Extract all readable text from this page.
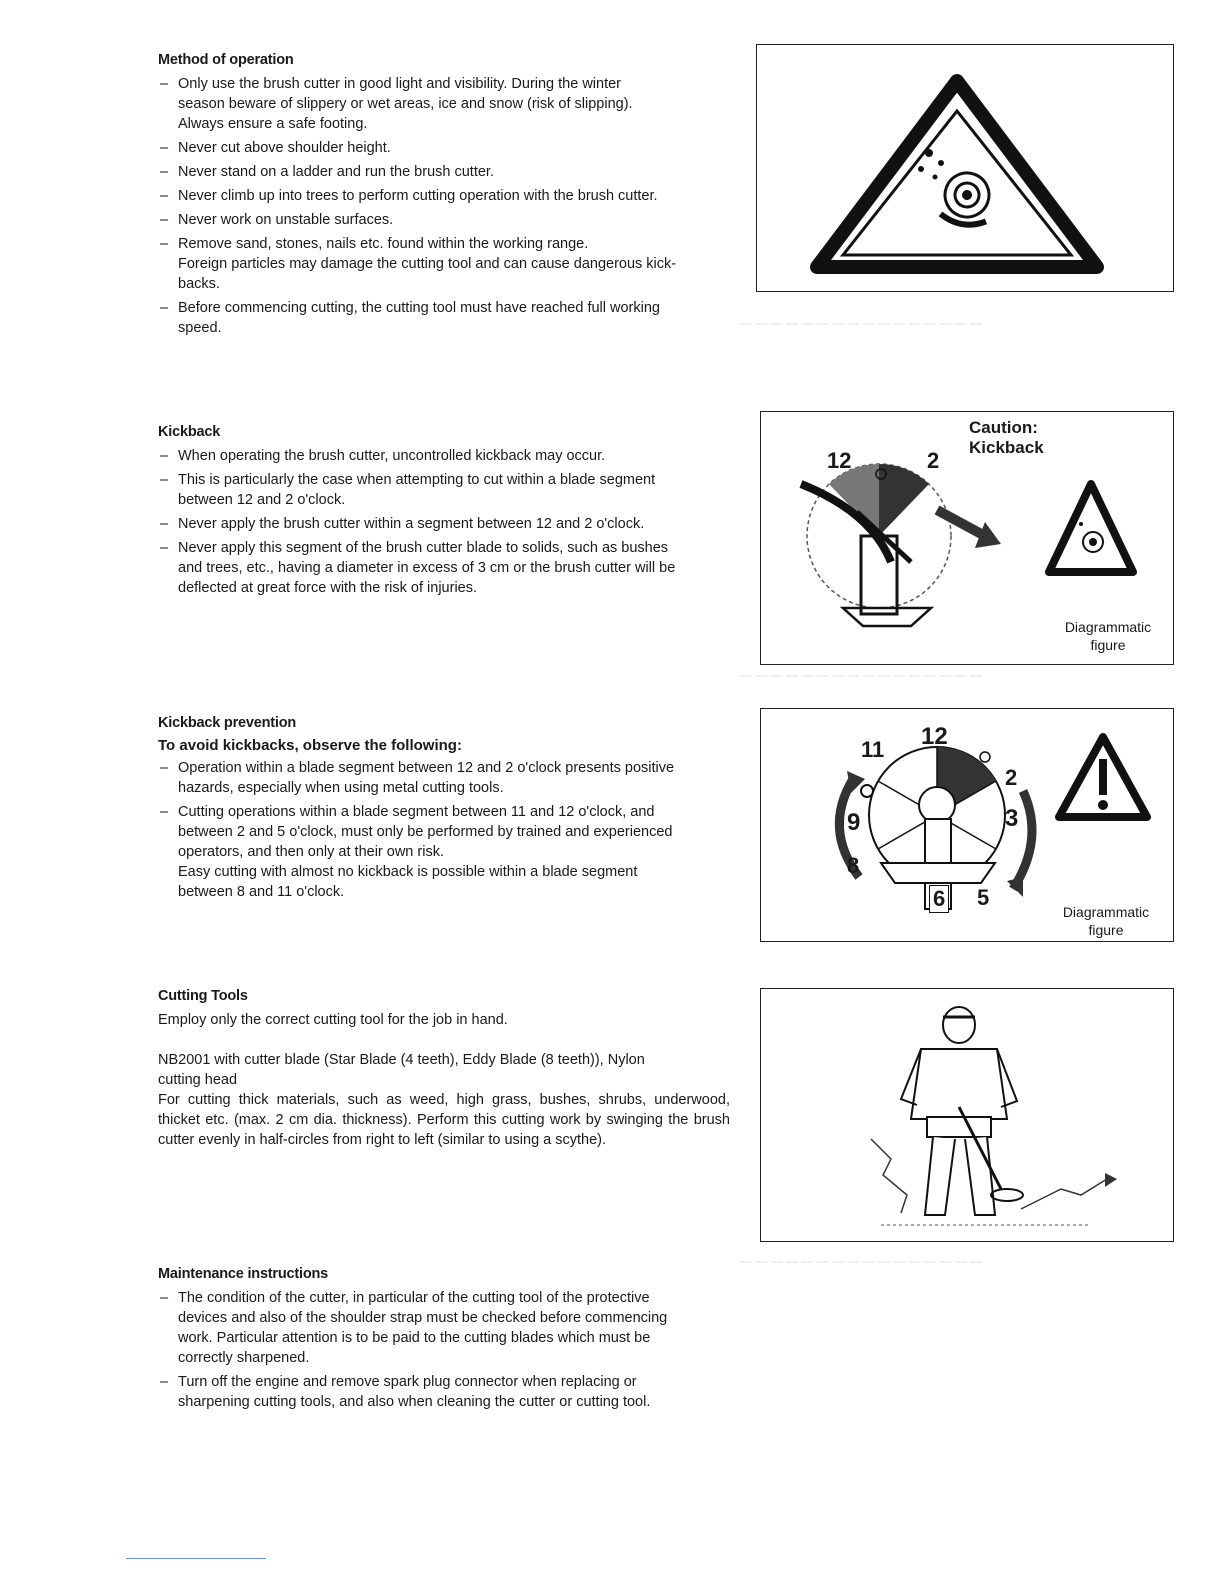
Method of operation
– Only use the brush cutter in good light and visibility. During the winter
season beware of slippery or wet areas, ice and snow (risk of slipping).
Always ensure a safe footing.
– Never cut above shoulder height.
– Never stand on a ladder and run the brush cutter.
– Never climb up into trees to perform cutting operation with the brush cutter.
– Never work on unstable surfaces.
– Remove sand, stones, nails etc. found within the working range.
Foreign particles may damage the cutting tool and can cause dangerous kick-
backs.
– Before commencing cutting, the cutting tool must have reached full working
speed.
Kickback
– When operating the brush cutter, uncontrolled kickback may occur.
– This is particularly the case when attempting to cut within a blade segment
between 12 and 2 o'clock.
– Never apply the brush cutter within a segment between 12 and 2 o'clock.
– Never apply this segment of the brush cutter blade to solids, such as bushes
and trees, etc., having a diameter in excess of 3 cm or the brush cutter will be
deflected at great force with the risk of injuries.
Kickback prevention
To avoid kickbacks, observe the following:
– Operation within a blade segment between 12 and 2 o'clock presents positive
hazards, especially when using metal cutting tools.
– Cutting operations within a blade segment between 11 and 12 o'clock, and
between 2 and 5 o'clock, must only be performed by trained and experienced
operators, and then only at their own risk.
Easy cutting with almost no kickback is possible within a blade segment
between 8 and 11 o'clock.
Cutting Tools

Employ only the correct cutting tool for the job in hand.

NB2001 with cutter blade (Star Blade (4 teeth), Eddy Blade (8 teeth)), Nylon

cutting head

For cutting thick materials, such as weed, high grass, bushes, shrubs, underwood, thicket etc. (max. 2 cm dia. thickness). Perform this cutting work by swinging the brush cutter evenly in half-circles from right to left (similar to using a scythe).

Maintenance instructions
– The condition of the cutter, in particular of the cutting tool of the protective
devices and also of the shoulder strap must be checked before commencing
work. Particular attention is to be paid to the cutting blades which must be
correctly sharpened.
– Turn off the engine and remove spark plug connector when replacing or
sharpening cutting tools, and also when cleaning the cutter or cutting tool.
Caution:
Kickback
12	2
Diagrammatic
figure
11 12
2
3
5
6
8
9
Diagrammatic
figure
— — — — — — — — — — — — — — — —
— — — — — — — — — — — — — — — —
— — — — — — — — — — — — — — — —
